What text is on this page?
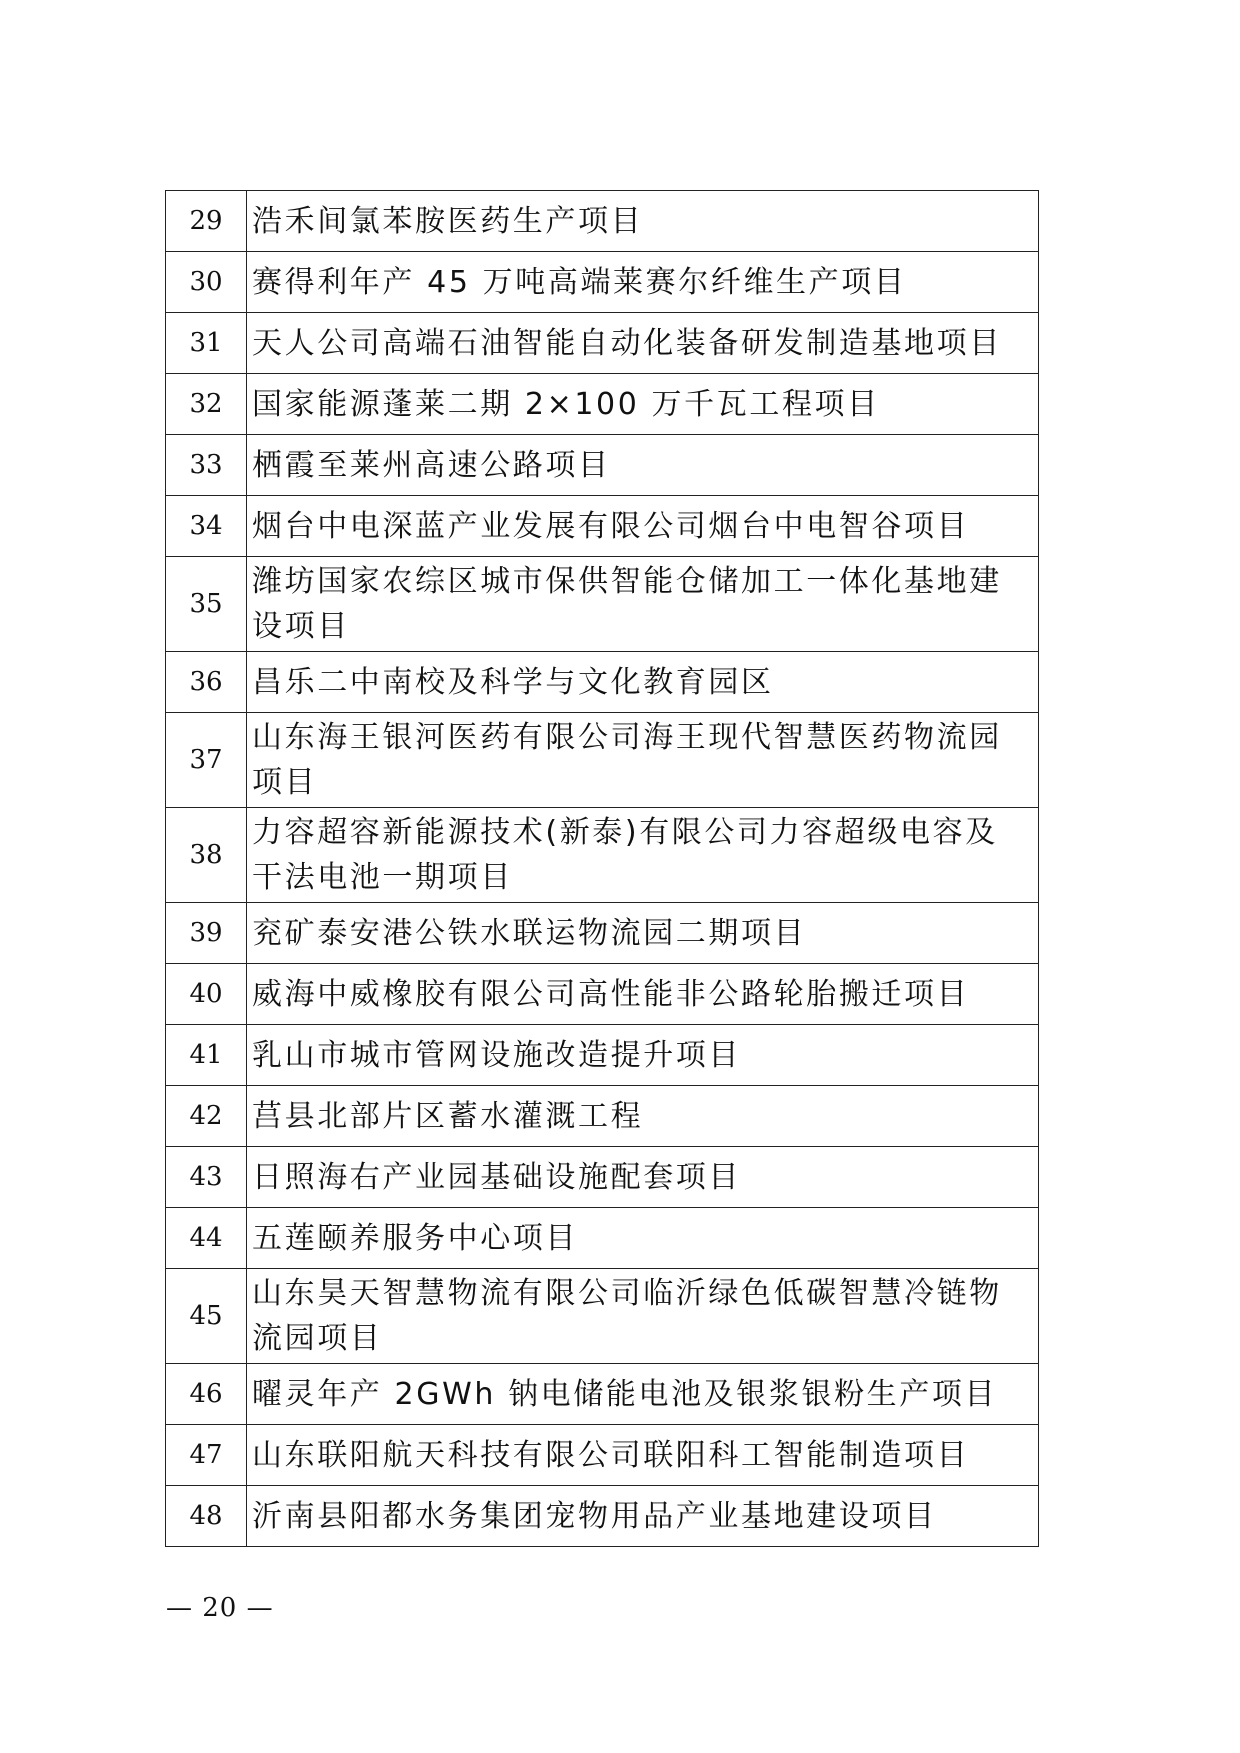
29	浩禾间氯苯胺医药生产项目
30	赛得利年产 45 万吨高端莱赛尔纤维生产项目
31	天人公司高端石油智能自动化装备研发制造基地项目
32	国家能源蓬莱二期 2×100 万千瓦工程项目
33	栖霞至莱州高速公路项目
34	烟台中电深蓝产业发展有限公司烟台中电智谷项目
35	潍坊国家农综区城市保供智能仓储加工一体化基地建设项目
36	昌乐二中南校及科学与文化教育园区
37	山东海王银河医药有限公司海王现代智慧医药物流园项目
38	力容超容新能源技术(新泰)有限公司力容超级电容及干法电池一期项目
39	兖矿泰安港公铁水联运物流园二期项目
40	威海中威橡胶有限公司高性能非公路轮胎搬迁项目
41	乳山市城市管网设施改造提升项目
42	莒县北部片区蓄水灌溉工程
43	日照海右产业园基础设施配套项目
44	五莲颐养服务中心项目
45	山东昊天智慧物流有限公司临沂绿色低碳智慧冷链物流园项目
46	曜灵年产 2GWh 钠电储能电池及银浆银粉生产项目
47	山东联阳航天科技有限公司联阳科工智能制造项目
48	沂南县阳都水务集团宠物用品产业基地建设项目
— 20 —
